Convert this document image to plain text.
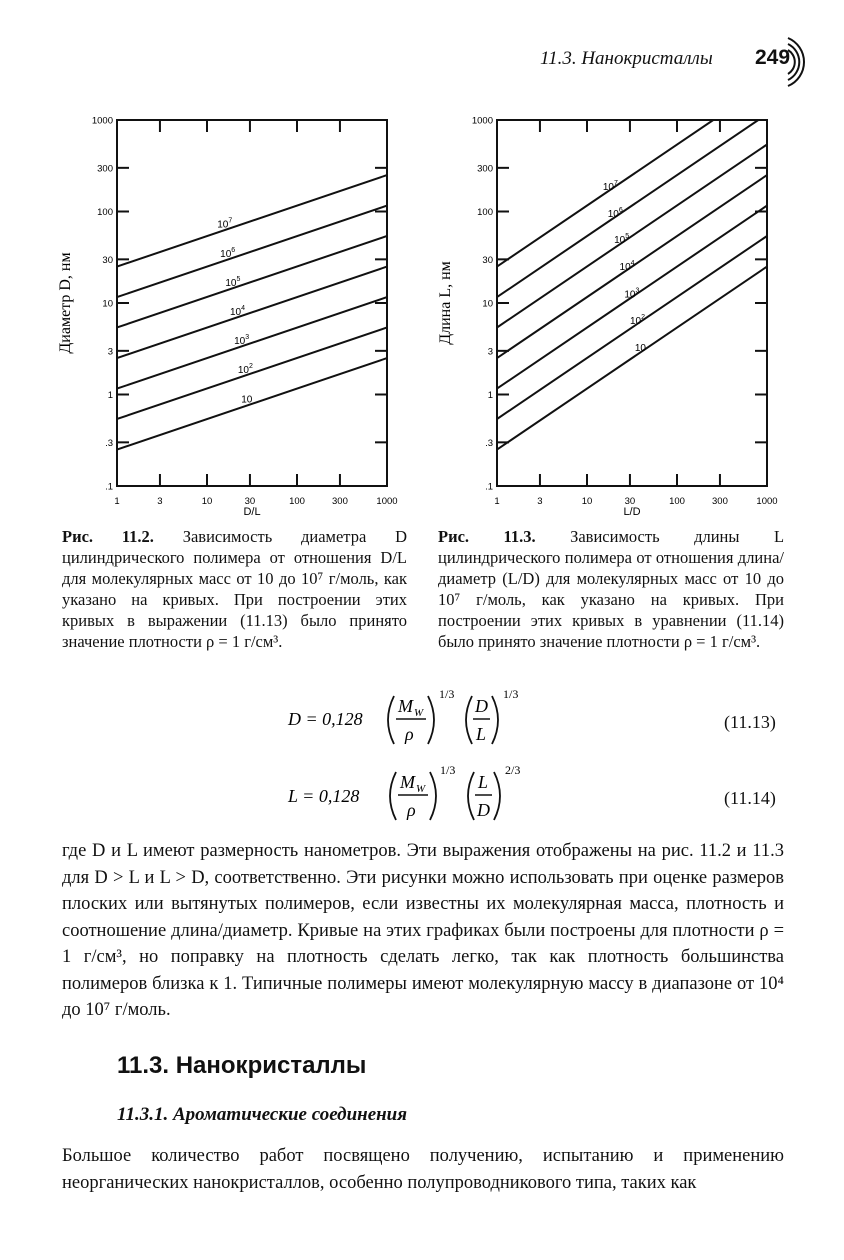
11.3. Нанокристаллы 249
$10^7$
$10^6$
$10^5$
$10^4$
$10^3$
$10^2$
10
1	3	10	30	100	300	1000
.1
.3
1
3
10
30
100
300
1000
D/L
Диаметр D, нм
$10^7$
$10^6$
$10^5$
$10^4$
$10^3$
$10^2$
10
1	3	10	30	100	300	1000
.1
.3
1
3
10
30
100
300
1000
L/D
Длина L, нм
Рис. 11.2. Зависимость диаметра D цилиндрического полимера от отношения D/L для молекулярных масс от 10 до 10⁷ г/моль, как указано на кривых. При построении этих кривых в выражении (11.13) было принято значение плотности ρ = 1 г/см³.
Рис. 11.3. Зависимость длины L цилиндрического полимера от отношения длина/диаметр (L/D) для молекулярных масс от 10 до 10⁷ г/моль, как указано на кривых. При построении этих кривых в уравнении (11.14) было принято значение плотности ρ = 1 г/см³.
D = 0,128
M W
ρ
1/3
D
L
1/3
(11.13)
L = 0,128
M W
ρ
1/3
L
D
2/3
(11.14)
где D и L имеют размерность нанометров. Эти выражения отображены на рис. 11.2 и 11.3 для D > L и L > D, соответственно. Эти рисунки можно использовать при оценке размеров плоских или вытянутых полимеров, если известны их молекулярная масса, плотность и соотношение длина/диаметр. Кривые на этих графиках были построены для плотности ρ = 1 г/см³, но поправку на плотность сделать легко, так как плотность большинства полимеров близка к 1. Типичные полимеры имеют молекулярную массу в диапазоне от 10⁴ до 10⁷ г/моль.
11.3. Нанокристаллы
11.3.1. Ароматические соединения
Большое количество работ посвящено получению, испытанию и применению неорганических нанокристаллов, особенно полупроводникового типа, таких как
